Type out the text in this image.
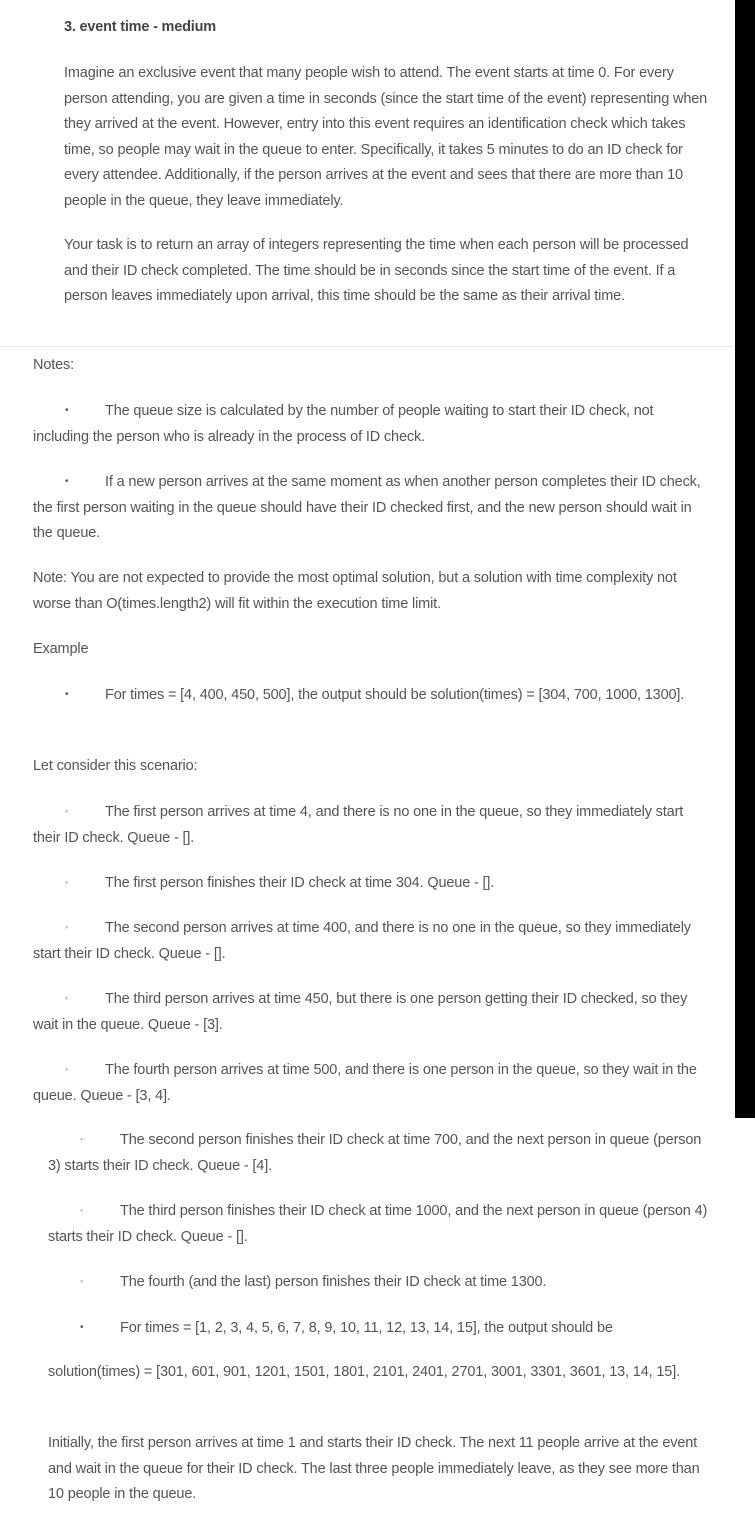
3. event time - medium

Imagine an exclusive event that many people wish to attend. The event starts at time 0. For every person attending, you are given a time in seconds (since the start time of the event) representing when they arrived at the event. However, entry into this event requires an identification check which takes time, so people may wait in the queue to enter. Specifically, it takes 5 minutes to do an ID check for every attendee. Additionally, if the person arrives at the event and sees that there are more than 10 people in the queue, they leave immediately.

Your task is to return an array of integers representing the time when each person will be processed and their ID check completed. The time should be in seconds since the start time of the event. If a person leaves immediately upon arrival, this time should be the same as their arrival time.

Notes:
•	The queue size is calculated by the number of people waiting to start their ID check, not including the person who is already in the process of ID check.
•	If a new person arrives at the same moment as when another person completes their ID check, the first person waiting in the queue should have their ID checked first, and the new person should wait in the queue.
Note: You are not expected to provide the most optimal solution, but a solution with time complexity not worse than O(times.length2) will fit within the execution time limit.
Example
•	For times = [4, 400, 450, 500], the output should be solution(times) = [304, 700, 1000, 1300].
Let consider this scenario:
◦	The first person arrives at time 4, and there is no one in the queue, so they immediately start their ID check. Queue - [].
◦	The first person finishes their ID check at time 304. Queue - [].
◦	The second person arrives at time 400, and there is no one in the queue, so they immediately start their ID check. Queue - [].
◦	The third person arrives at time 450, but there is one person getting their ID checked, so they wait in the queue. Queue - [3].
◦	The fourth person arrives at time 500, and there is one person in the queue, so they wait in the queue. Queue - [3, 4].
◦	The second person finishes their ID check at time 700, and the next person in queue (person 3) starts their ID check. Queue - [4].
◦	The third person finishes their ID check at time 1000, and the next person in queue (person 4) starts their ID check. Queue - [].
◦	The fourth (and the last) person finishes their ID check at time 1300.
•	For times = [1, 2, 3, 4, 5, 6, 7, 8, 9, 10, 11, 12, 13, 14, 15], the output should be
solution(times) = [301, 601, 901, 1201, 1501, 1801, 2101, 2401, 2701, 3001, 3301, 3601, 13, 14, 15].
Initially, the first person arrives at time 1 and starts their ID check. The next 11 people arrive at the event and wait in the queue for their ID check. The last three people immediately leave, as they see more than 10 people in the queue.
